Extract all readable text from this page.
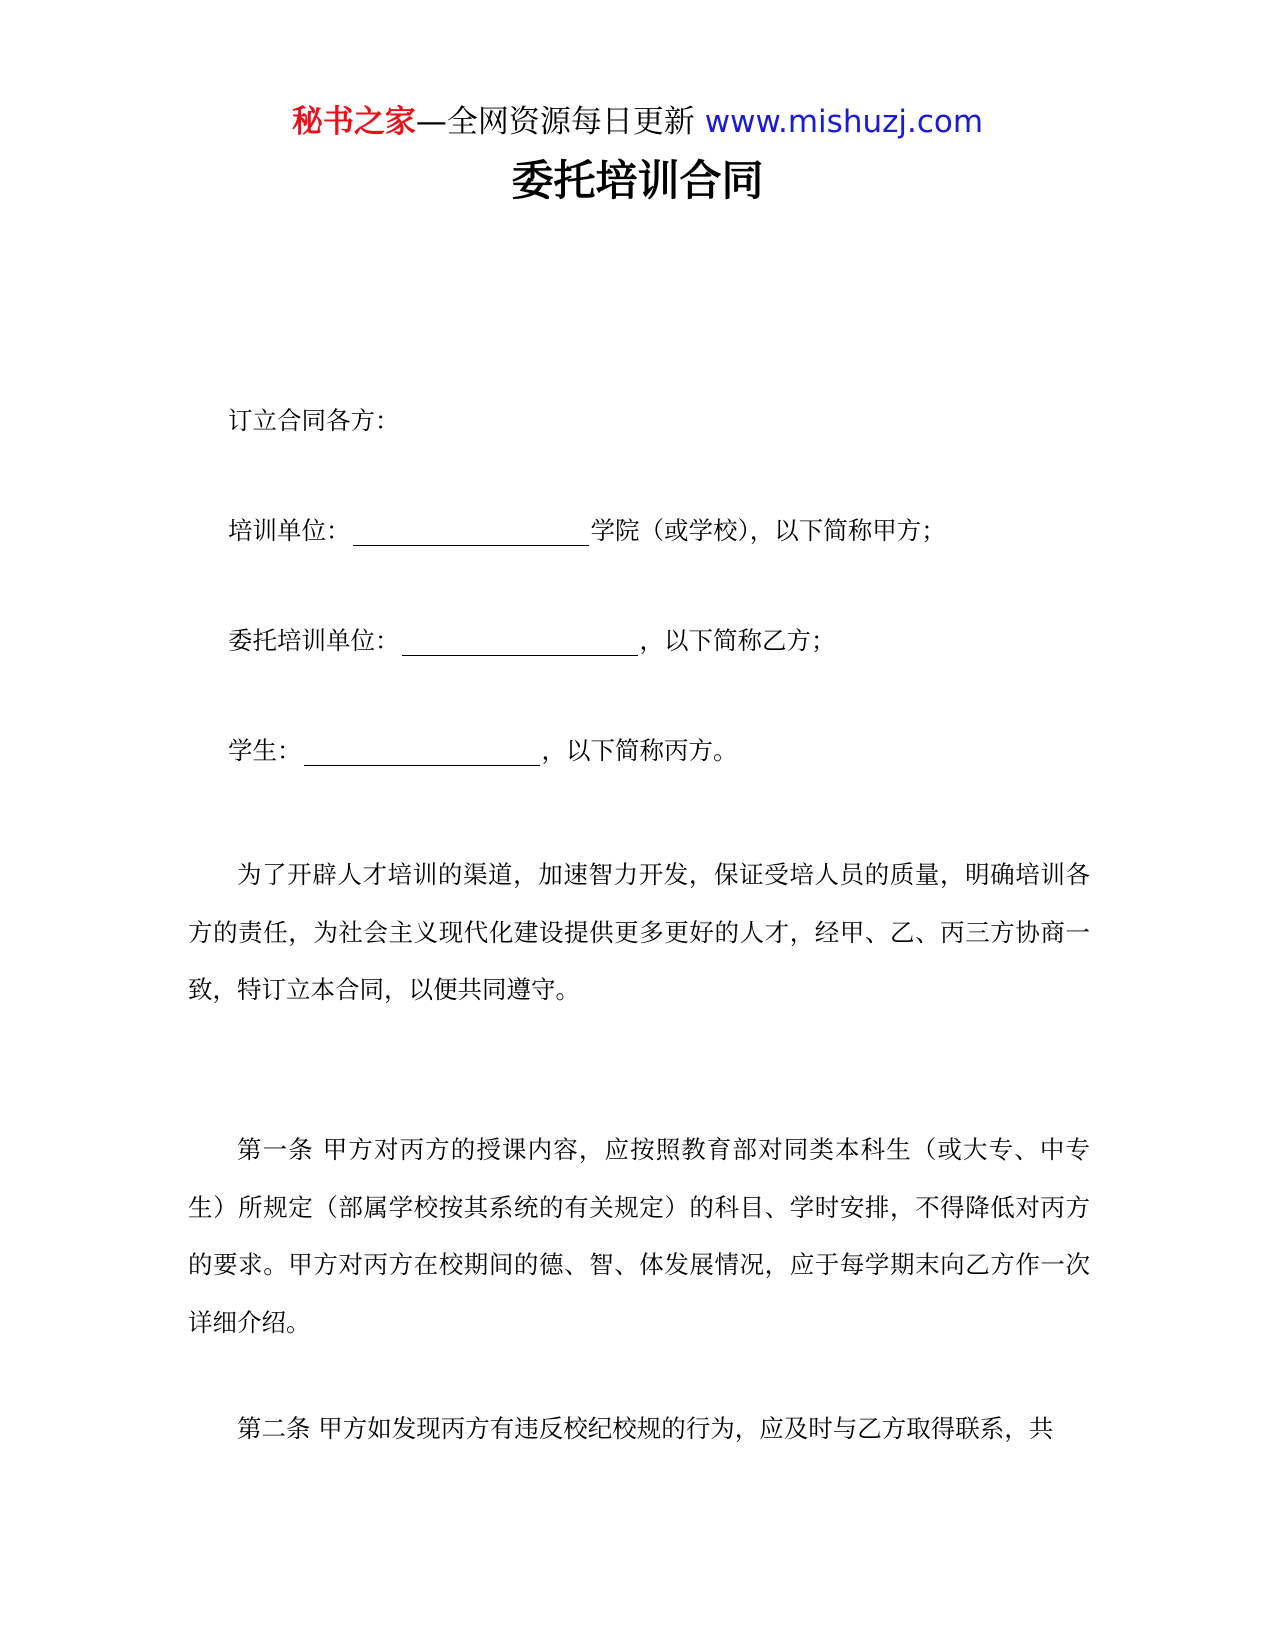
秘书之家—全网资源每日更新 www.mishuzj.com
委托培训合同
订立合同各方：
培训单位：	学院（或学校），以下简称甲方；
委托培训单位：	，以下简称乙方；
学生：	，以下简称丙方。
为了开辟人才培训的渠道，加速智力开发，保证受培人员的质量，明确培训各方的责任，为社会主义现代化建设提供更多更好的人才，经甲、乙、丙三方协商一致，特订立本合同，以便共同遵守。
第一条 甲方对丙方的授课内容，应按照教育部对同类本科生（或大专、中专生）所规定（部属学校按其系统的有关规定）的科目、学时安排，不得降低对丙方的要求。甲方对丙方在校期间的德、智、体发展情况，应于每学期末向乙方作一次详细介绍。
第二条 甲方如发现丙方有违反校纪校规的行为，应及时与乙方取得联系，共
